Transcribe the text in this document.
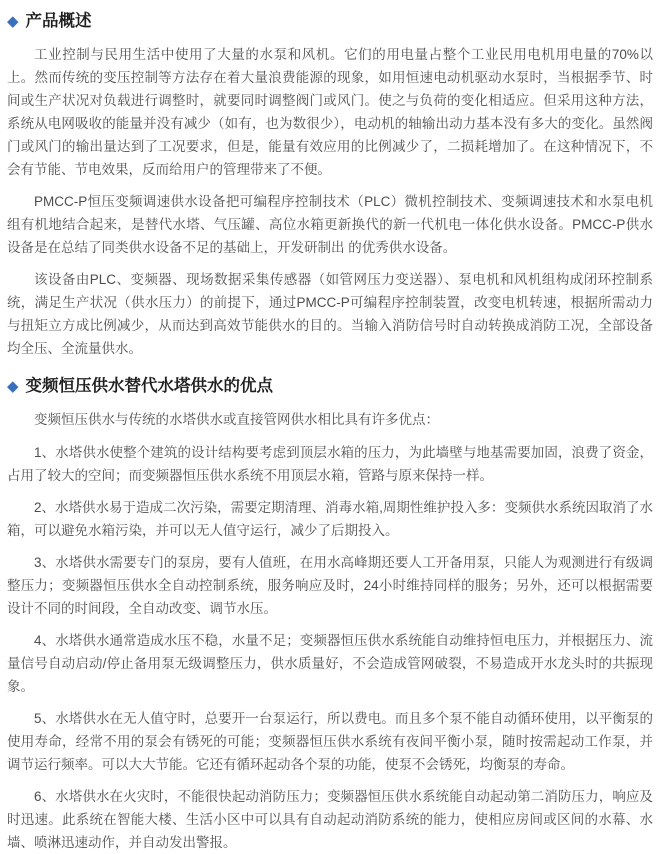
◆ 产品概述

工业控制与民用生活中使用了大量的水泵和风机。它们的用电量占整个工业民用电机用电量的70%以上。然而传统的变压控制等方法存在着大量浪费能源的现象，如用恒速电动机驱动水泵时，当根据季节、时间或生产状况对负载进行调整时，就要同时调整阀门或风门。使之与负荷的变化相适应。但采用这种方法，系统从电网吸收的能量并没有减少（如有，也为数很少），电动机的轴输出动力基本没有多大的变化。虽然阀门或风门的输出量达到了工况要求，但是，能量有效应用的比例减少了，二损耗增加了。在这种情况下，不会有节能、节电效果，反而给用户的管理带来了不便。

PMCC-P恒压变频调速供水设备把可编程序控制技术（PLC）微机控制技术、变频调速技术和水泵电机组有机地结合起来，是替代水塔、气压罐、高位水箱更新换代的新一代机电一体化供水设备。PMCC-P供水设备是在总结了同类供水设备不足的基础上，开发研制出 的优秀供水设备。

该设备由PLC、变频器、现场数据采集传感器（如管网压力变送器）、泵电机和风机组构成闭环控制系统，满足生产状况（供水压力）的前提下，通过PMCC-P可编程序控制装置，改变电机转速，根据所需动力与扭矩立方成比例减少，从而达到高效节能供水的目的。当输入消防信号时自动转换成消防工况，全部设备均全压、全流量供水。

◆ 变频恒压供水替代水塔供水的优点

变频恒压供水与传统的水塔供水或直接管网供水相比具有许多优点：

1、水塔供水使整个建筑的设计结构要考虑到顶层水箱的压力，为此墙壁与地基需要加固，浪费了资金，占用了较大的空间；而变频器恒压供水系统不用顶层水箱，管路与原来保持一样。

2、水塔供水易于造成二次污染，需要定期清理、消毒水箱,周期性维护投入多：变频供水系统因取消了水箱，可以避免水箱污染，并可以无人值守运行，减少了后期投入。

3、水塔供水需要专门的泵房，要有人值班，在用水高峰期还要人工开备用泵，只能人为观测进行有级调整压力；变频器恒压供水全自动控制系统，服务响应及时，24小时维持同样的服务；另外，还可以根据需要设计不同的时间段，全自动改变、调节水压。

4、水塔供水通常造成水压不稳，水量不足；变频器恒压供水系统能自动维持恒电压力，并根据压力、流量信号自动启动/停止备用泵无级调整压力，供水质量好，不会造成管网破裂，不易造成开水龙头时的共振现象。

5、水塔供水在无人值守时，总要开一台泵运行，所以费电。而且多个泵不能自动循环使用，以平衡泵的使用寿命，经常不用的泵会有锈死的可能；变频器恒压供水系统有夜间平衡小泵，随时按需起动工作泵，并调节运行频率。可以大大节能。它还有循环起动各个泵的功能，使泵不会锈死，均衡泵的寿命。

6、水塔供水在火灾时，不能很快起动消防压力；变频器恒压供水系统能自动起动第二消防压力，响应及时迅速。此系统在智能大楼、生活小区中可以具有自动起动消防系统的能力，使相应房间或区间的水幕、水墙、喷淋迅速动作，并自动发出警报。
